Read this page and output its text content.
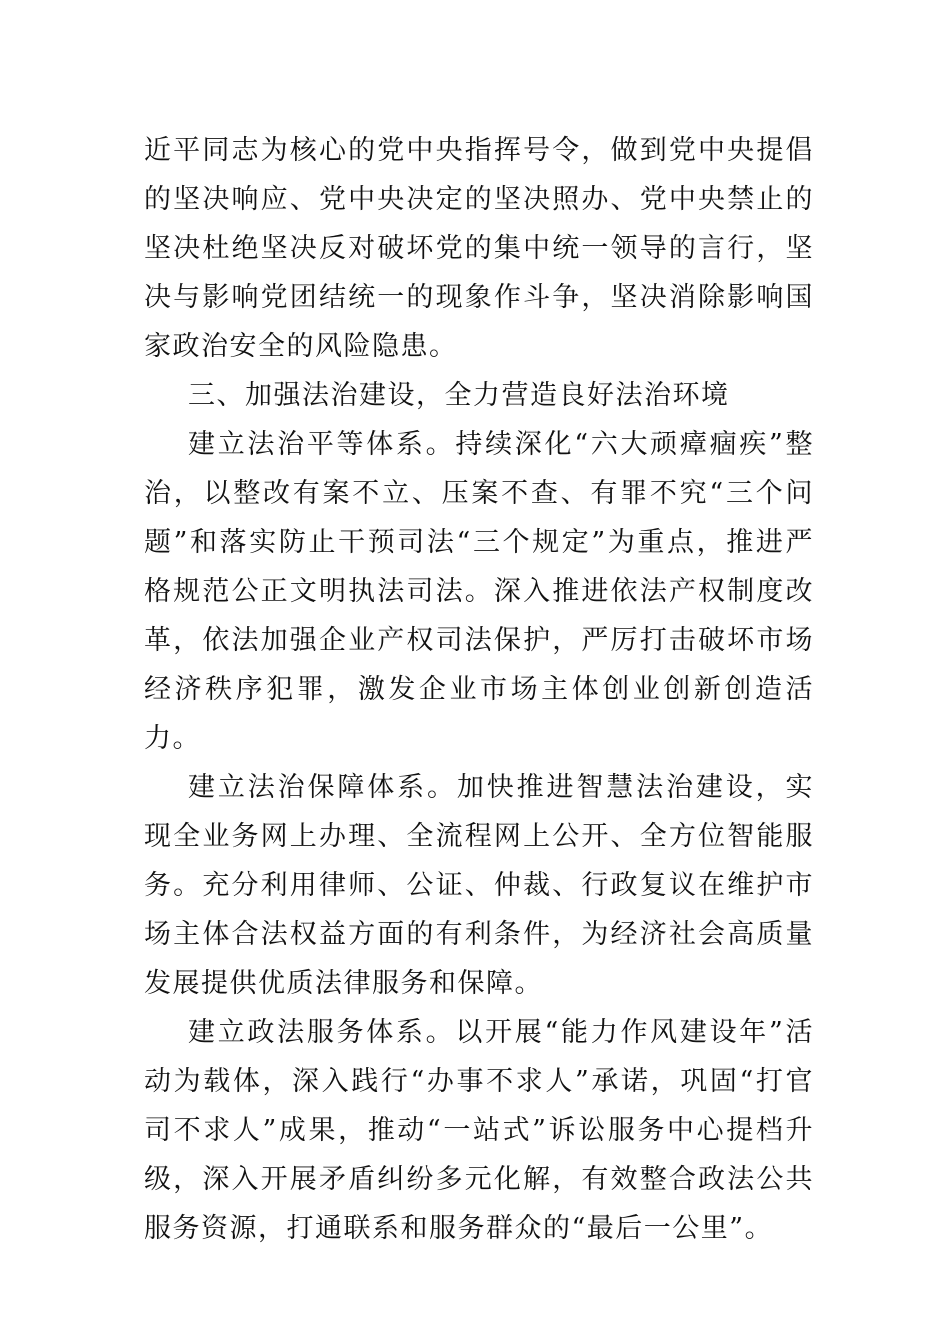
近平同志为核心的党中央指挥号令，做到党中央提倡的坚决响应、党中央决定的坚决照办、党中央禁止的坚决杜绝坚决反对破坏党的集中统一领导的言行，坚决与影响党团结统一的现象作斗争，坚决消除影响国家政治安全的风险隐患。

三、加强法治建设，全力营造良好法治环境

建立法治平等体系。持续深化“六大顽瘴痼疾”整治，以整改有案不立、压案不查、有罪不究“三个问题”和落实防止干预司法“三个规定”为重点，推进严格规范公正文明执法司法。深入推进依法产权制度改革，依法加强企业产权司法保护，严厉打击破坏市场经济秩序犯罪，激发企业市场主体创业创新创造活力。

建立法治保障体系。加快推进智慧法治建设，实现全业务网上办理、全流程网上公开、全方位智能服务。充分利用律师、公证、仲裁、行政复议在维护市场主体合法权益方面的有利条件，为经济社会高质量发展提供优质法律服务和保障。

建立政法服务体系。以开展“能力作风建设年”活动为载体，深入践行“办事不求人”承诺，巩固“打官司不求人”成果，推动“一站式”诉讼服务中心提档升级，深入开展矛盾纠纷多元化解，有效整合政法公共服务资源，打通联系和服务群众的“最后一公里”。
